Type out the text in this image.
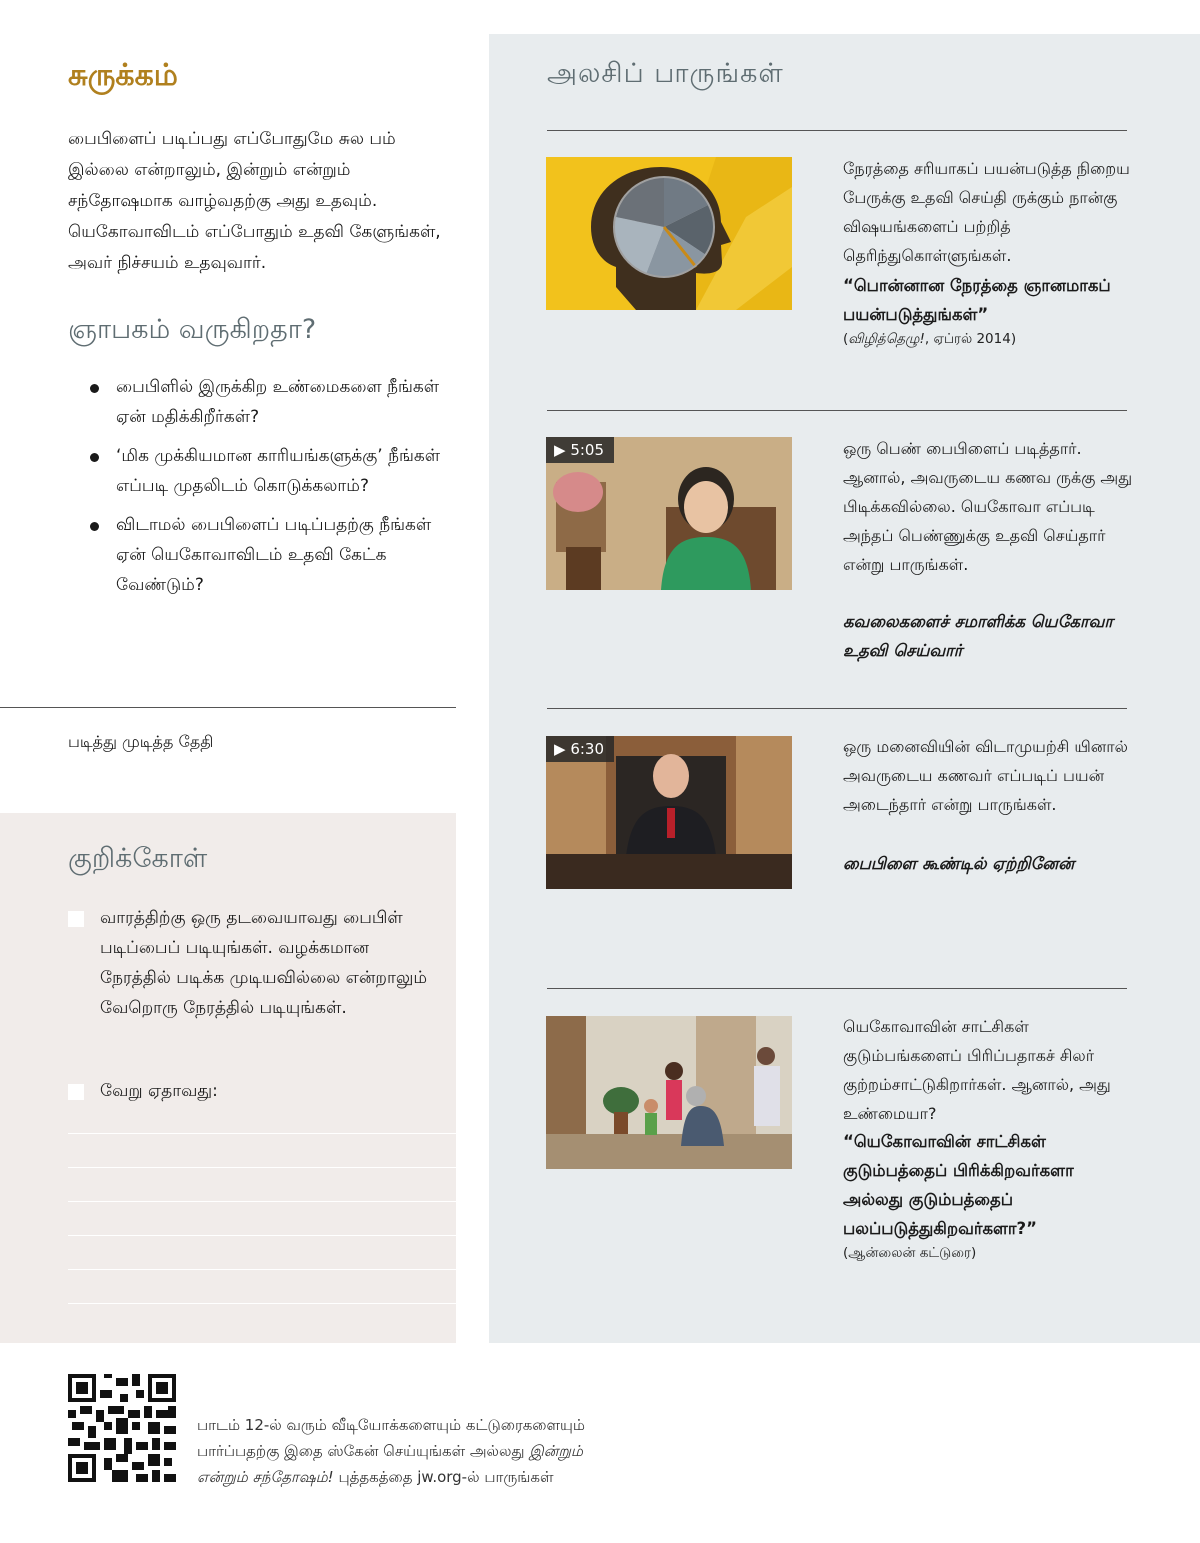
சுருக்கம்

பைபிளைப் படிப்பது எப்போதுமே சுல பம் இல்லை என்றாலும், இன்றும் என்றும் சந்தோஷமாக வாழ்வதற்கு அது உதவும். யெகோவாவிடம் எப்போதும் உதவி கேளுங்கள், அவர் நிச்சயம் உதவுவார்.

ஞாபகம் வருகிறதா?
பைபிளில் இருக்கிற உண்மைகளை நீங்கள் ஏன் மதிக்கிறீர்கள்?
‘மிக முக்கியமான காரியங்களுக்கு’ நீங்கள் எப்படி முதலிடம் கொடுக்கலாம்?
விடாமல் பைபிளைப் படிப்பதற்கு நீங்கள் ஏன் யெகோவாவிடம் உதவி கேட்க வேண்டும்?
படித்து முடித்த தேதி
குறிக்கோள்
வாரத்திற்கு ஒரு தடவையாவது பைபிள் படிப்பைப் படியுங்கள். வழக்கமான நேரத்தில் படிக்க முடியவில்லை என்றாலும் வேறொரு நேரத்தில் படியுங்கள்.
வேறு ஏதாவது:
அலசிப் பாருங்கள்

நேரத்தை சரியாகப் பயன்படுத்த நிறைய பேருக்கு உதவி செய்தி ருக்கும் நான்கு விஷயங்களைப் பற்றித் தெரிந்துகொள்ளுங்கள்.

“பொன்னான நேரத்தை ஞானமாகப் பயன்படுத்துங்கள்”

(விழித்தெழு!, ஏப்ரல் 2014)
▶ 5:05	ஒரு பெண் பைபிளைப் படித்தார். ஆனால், அவருடைய கணவ ருக்கு அது பிடிக்கவில்லை. யெகோவா எப்படி அந்தப் பெண்ணுக்கு உதவி செய்தார் என்று பாருங்கள்.

கவலைகளைச் சமாளிக்க யெகோவா உதவி செய்வார்

▶ 6:30	ஒரு மனைவியின் விடாமுயற்சி யினால் அவருடைய கணவர் எப்படிப் பயன் அடைந்தார் என்று பாருங்கள்.

பைபிளை கூண்டில் ஏற்றினேன்

யெகோவாவின் சாட்சிகள் குடும்பங்களைப் பிரிப்பதாகச் சிலர் குற்றம்சாட்டுகிறார்கள். ஆனால், அது உண்மையா?

“யெகோவாவின் சாட்சிகள் குடும்பத்தைப் பிரிக்கிறவர்களா அல்லது குடும்பத்தைப் பலப்படுத்துகிறவர்களா?”

(ஆன்லைன் கட்டுரை)
பாடம் 12-ல் வரும் வீடியோக்களையும் கட்டுரைகளையும்
பார்ப்பதற்கு இதை ஸ்கேன் செய்யுங்கள் அல்லது இன்றும்
என்றும் சந்தோஷம்! புத்தகத்தை jw.org-ல் பாருங்கள்
